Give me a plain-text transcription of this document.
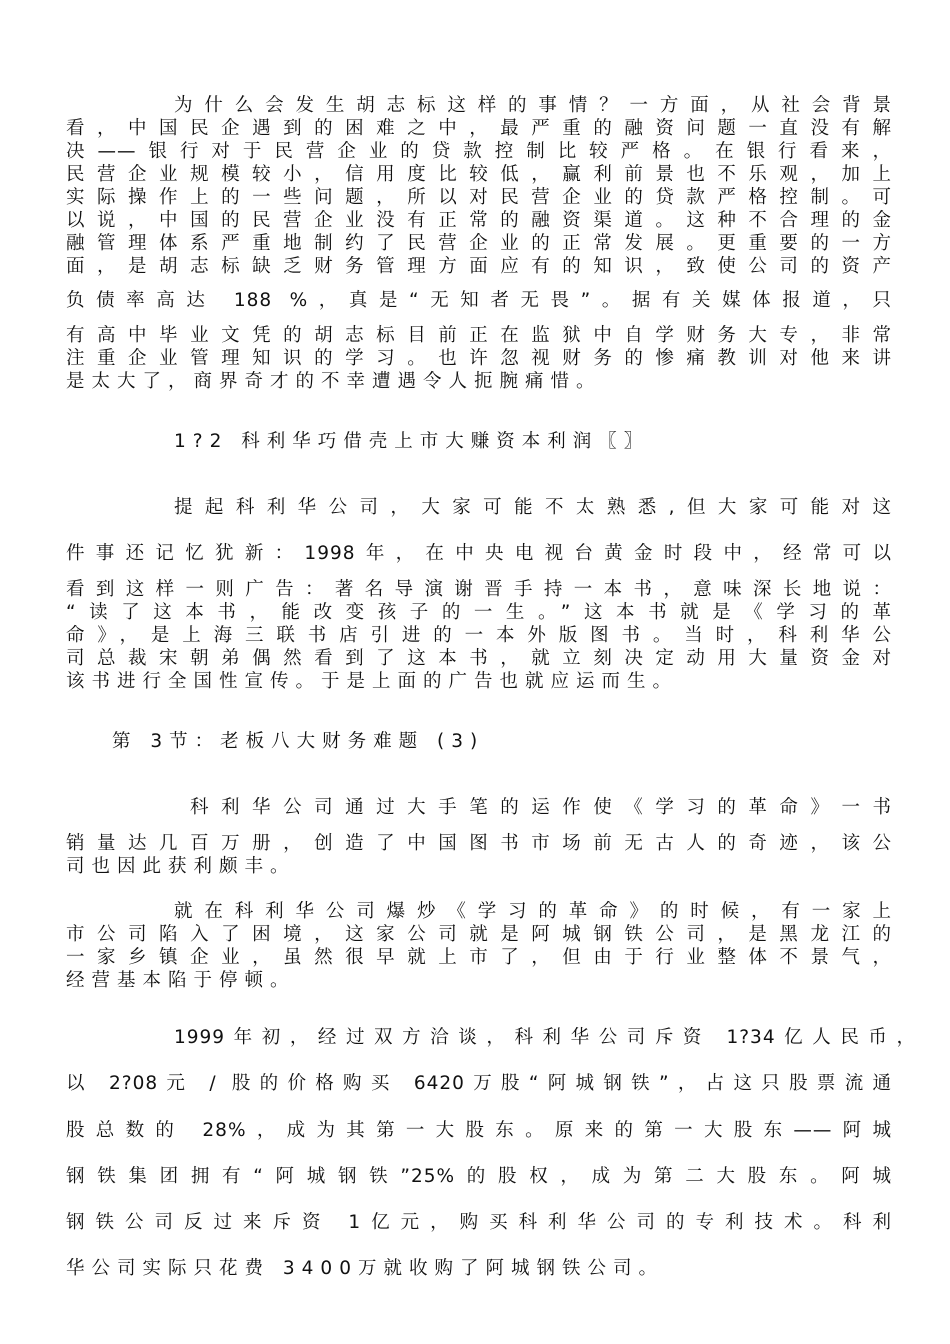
为什么会发生胡志标这样的事情？一方面，从社会背景
看，中国民企遇到的困难之中，最严重的融资问题一直没有解
决——银行对于民营企业的贷款控制比较严格。在银行看来，
民营企业规模较小，信用度比较低，赢利前景也不乐观，加上
实际操作上的一些问题，所以对民营企业的贷款严格控制。可
以说，中国的民营企业没有正常的融资渠道。这种不合理的金
融管理体系严重地制约了民营企业的正常发展。更重要的一方
面，是胡志标缺乏财务管理方面应有的知识，致使公司的资产
负债率高达 188 %，真是“无知者无畏”。据有关媒体报道，只
有高中毕业文凭的胡志标目前正在监狱中自学财务大专，非常
注重企业管理知识的学习。也许忽视财务的惨痛教训对他来讲
是太大了，商界奇才的不幸遭遇令人扼腕痛惜。
1?2 科利华巧借壳上市大赚资本利润〖〗
提起科利华公司，大家可能不太熟悉,但大家可能对这
件事还记忆犹新：1998年，在中央电视台黄金时段中，经常可以
看到这样一则广告：著名导演谢晋手持一本书，意味深长地说：
“读了这本书，能改变孩子的一生。”这本书就是《学习的革
命》，是上海三联书店引进的一本外版图书。当时，科利华公
司总裁宋朝弟偶然看到了这本书，就立刻决定动用大量资金对
该书进行全国性宣传。于是上面的广告也就应运而生。
第 3节：老板八大财务难题 (3)
科利华公司通过大手笔的运作使《学习的革命》一书
销量达几百万册，创造了中国图书市场前无古人的奇迹，该公
司也因此获利颇丰。
就在科利华公司爆炒《学习的革命》的时候，有一家上
市公司陷入了困境，这家公司就是阿城钢铁公司，是黑龙江的
一家乡镇企业，虽然很早就上市了，但由于行业整体不景气，
经营基本陷于停顿。
1999年初，经过双方洽谈，科利华公司斥资 1?34亿人民币，
以 2?08元 / 股的价格购买 6420万股“阿城钢铁”，占这只股票流通
股总数的 28%，成为其第一大股东。原来的第一大股东——阿城
钢铁集团拥有“阿城钢铁”25%的股权，成为第二大股东。阿城
钢铁公司反过来斥资 1亿元，购买科利华公司的专利技术。科利
华公司实际只花费 3400万就收购了阿城钢铁公司。
